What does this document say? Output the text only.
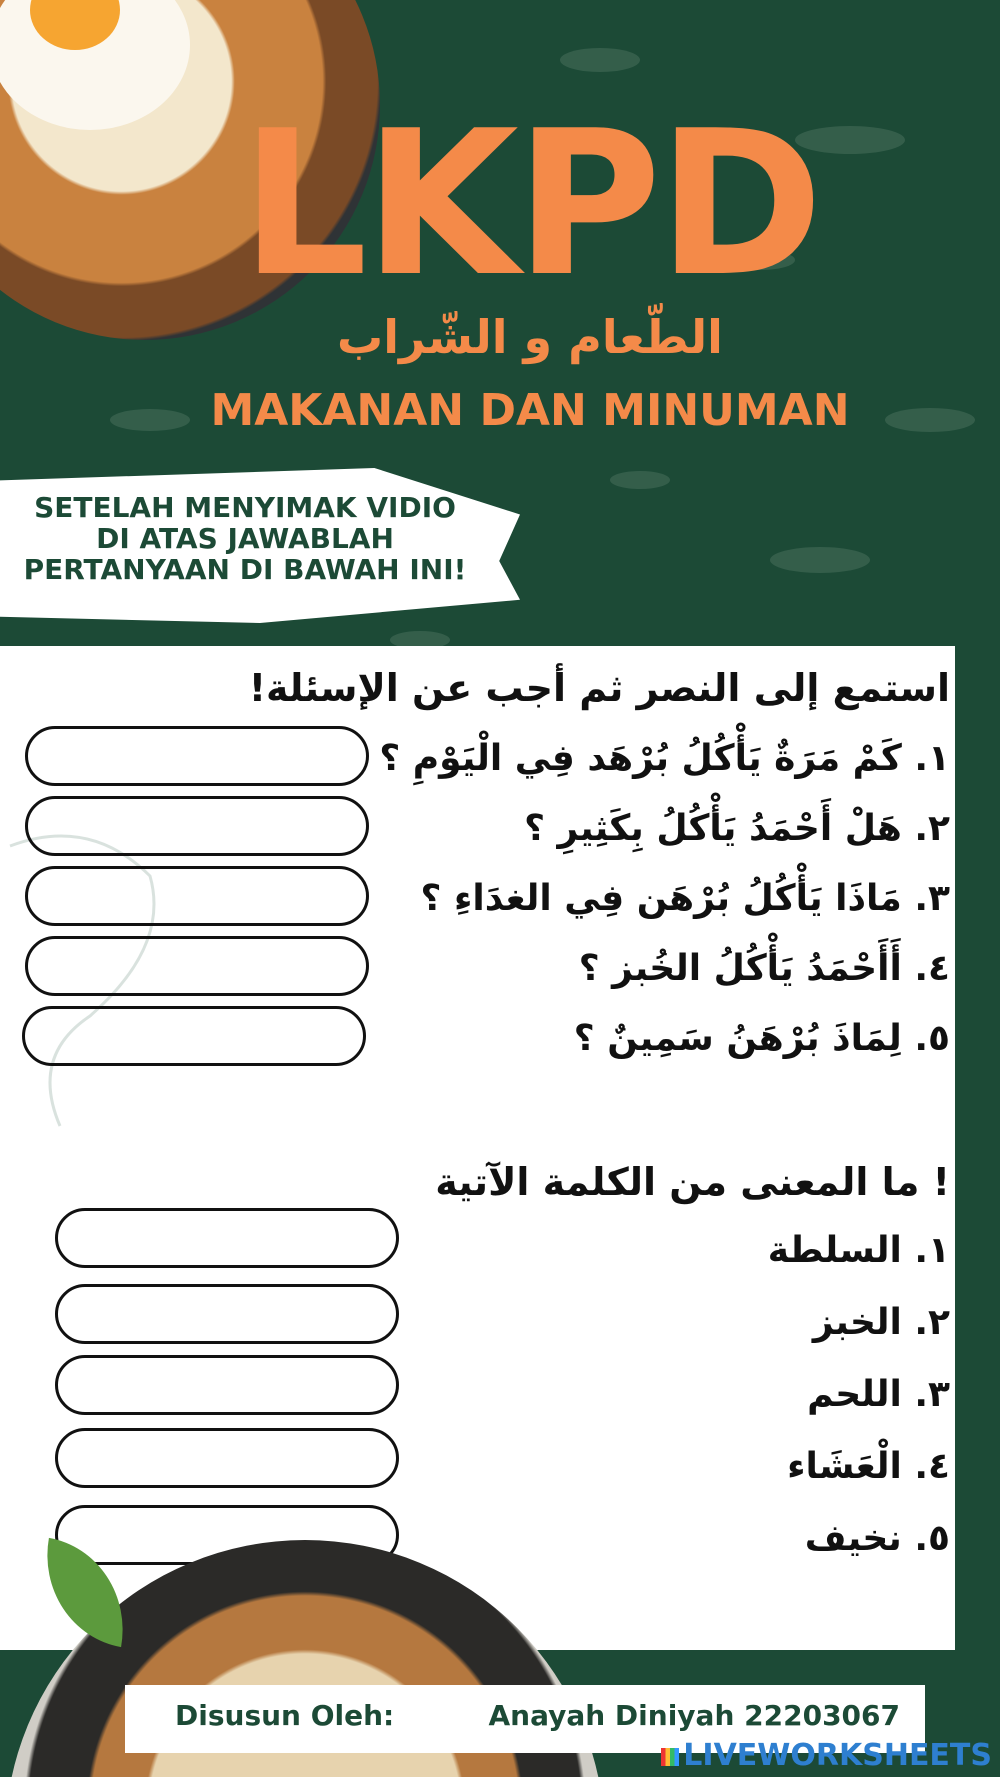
LKPD
الطّعام و الشّراب
MAKANAN DAN MINUMAN
SETELAH MENYIMAK VIDIO
DI ATAS JAWABLAH
PERTANYAAN DI BAWAH INI!
استمع إلى النصر ثم أجب عن الإسئلة!
١. كَمْ مَرَةٌ يَأْكُلُ بُرْهَد فِي الْيَوْمِ ؟
٢. هَلْ أَحْمَدُ يَأْكُلُ بِكَثِيرِ ؟
٣. مَاذَا يَأْكُلُ بُرْهَن فِي الغدَاءِ ؟
٤. أَأَحْمَدُ يَأْكُلُ الخُبز ؟
٥. لِمَاذَ بُرْهَنُ سَمِينٌ ؟
! ما المعنى من الكلمة الآتية
١. السلطة
٢. الخبز
٣. اللحم
٤. الْعَشَاء
٥. نخيف
Disusun Oleh:	Anayah Diniyah 22203067
LIVEWORKSHEETS
